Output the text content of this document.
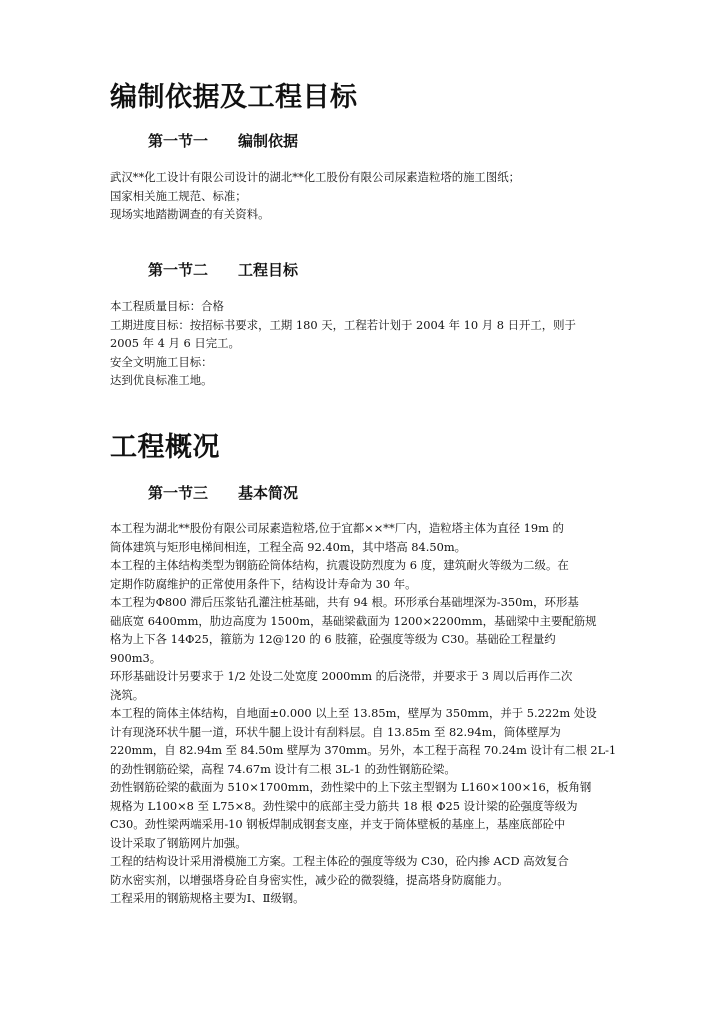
编制依据及工程目标
第一节一 编制依据
武汉**化工设计有限公司设计的湖北**化工股份有限公司尿素造粒塔的施工图纸；
国家相关施工规范、标准；
现场实地踏勘调查的有关资料。
第一节二 工程目标
本工程质量目标：合格
工期进度目标：按招标书要求，工期 180 天，工程若计划于 2004 年 10 月 8 日开工，则于
2005 年 4 月 6 日完工。
安全文明施工目标：
达到优良标准工地。
工程概况
第一节三 基本简况
本工程为湖北**股份有限公司尿素造粒塔,位于宜都××**厂内，造粒塔主体为直径 19m 的
筒体建筑与矩形电梯间相连，工程全高 92.40m，其中塔高 84.50m。
本工程的主体结构类型为钢筋砼筒体结构，抗震设防烈度为 6 度，建筑耐火等级为二级。在
定期作防腐维护的正常使用条件下，结构设计寿命为 30 年。
本工程为Φ800 滞后压浆钻孔灌注桩基础，共有 94 根。环形承台基础埋深为-350m，环形基
础底宽 6400mm，肋边高度为 1500m，基础梁截面为 1200×2200mm，基础梁中主要配筋规
格为上下各 14Φ25，箍筋为 12@120 的 6 肢箍，砼强度等级为 C30。基础砼工程量约
900m3。
环形基础设计另要求于 1/2 处设二处宽度 2000mm 的后浇带，并要求于 3 周以后再作二次
浇筑。
本工程的筒体主体结构，自地面±0.000 以上至 13.85m，壁厚为 350mm，并于 5.222m 处设
计有现浇环状牛腿一道，环状牛腿上设计有刮料层。自 13.85m 至 82.94m，筒体壁厚为
220mm，自 82.94m 至 84.50m 壁厚为 370mm。另外，本工程于高程 70.24m 设计有二根 2L-1
的劲性钢筋砼梁，高程 74.67m 设计有二根 3L-1 的劲性钢筋砼梁。
劲性钢筋砼梁的截面为 510×1700mm，劲性梁中的上下弦主型钢为 L160×100×16，板角钢
规格为 L100×8 至 L75×8。劲性梁中的底部主受力筋共 18 根 Φ25 设计梁的砼强度等级为
C30。劲性梁两端采用-10 钢板焊制成钢套支座，并支于筒体壁板的基座上，基座底部砼中
设计采取了钢筋网片加强。
工程的结构设计采用滑模施工方案。工程主体砼的强度等级为 C30，砼内掺 ACD 高效复合
防水密实剂，以增强塔身砼自身密实性，减少砼的微裂缝，提高塔身防腐能力。
工程采用的钢筋规格主要为Ⅰ、Ⅱ级钢。
